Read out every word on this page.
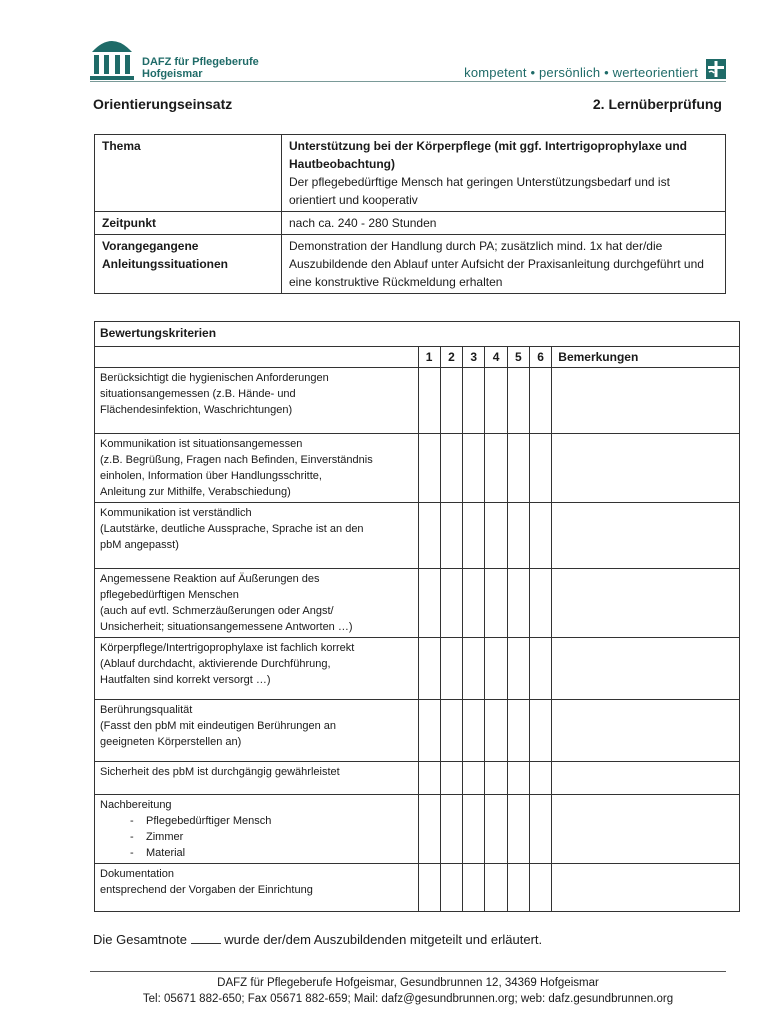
DAFZ für Pflegeberufe
Hofgeismar	kompetent • persönlich • werteorientiert
Orientierungseinsatz	2. Lernüberprüfung
Thema	Unterstützung bei der Körperpflege (mit ggf. Intertrigoprophylaxe und Hautbeobachtung)
Der pflegebedürftige Mensch hat geringen Unterstützungsbedarf und ist orientiert und kooperativ

Zeitpunkt	nach ca. 240 - 280 Stunden
Vorangegangene Anleitungssituationen	Demonstration der Handlung durch PA; zusätzlich mind. 1x hat der/die Auszubildende den Ablauf unter Aufsicht der Praxisanleitung durchgeführt und eine konstruktive Rückmeldung erhalten
Bewertungskriterien							
	1	2	3	4	5	6	Bemerkungen

Berücksichtigt die hygienischen Anforderungen
situationsangemessen (z.B. Hände- und
Flächendesinfektion, Waschrichtungen)							

Kommunikation ist situationsangemessen
(z.B. Begrüßung, Fragen nach Befinden, Einverständnis
einholen, Information über Handlungsschritte,
Anleitung zur Mithilfe, Verabschiedung)							

Kommunikation ist verständlich
(Lautstärke, deutliche Aussprache, Sprache ist an den
pbM angepasst)							

Angemessene Reaktion auf Äußerungen des
pflegebedürftigen Menschen
(auch auf evtl. Schmerzäußerungen oder Angst/
Unsicherheit; situationsangemessene Antworten …)							

Körperpflege/Intertrigoprophylaxe ist fachlich korrekt
(Ablauf durchdacht, aktivierende Durchführung,
Hautfalten sind korrekt versorgt …)							

Berührungsqualität
(Fasst den pbM mit eindeutigen Berührungen an
geeigneten Körperstellen an)							

Sicherheit des pbM ist durchgängig gewährleistet							

Nachbereitung
- Pflegebedürftiger Mensch
- Zimmer
- Material							

Dokumentation
entsprechend der Vorgaben der Einrichtung							

Die Gesamtnote	wurde der/dem Auszubildenden mitgeteilt und erläutert.
DAFZ für Pflegeberufe Hofgeismar, Gesundbrunnen 12, 34369 Hofgeismar
Tel: 05671 882-650; Fax 05671 882-659; Mail: dafz@gesundbrunnen.org; web: dafz.gesundbrunnen.org
